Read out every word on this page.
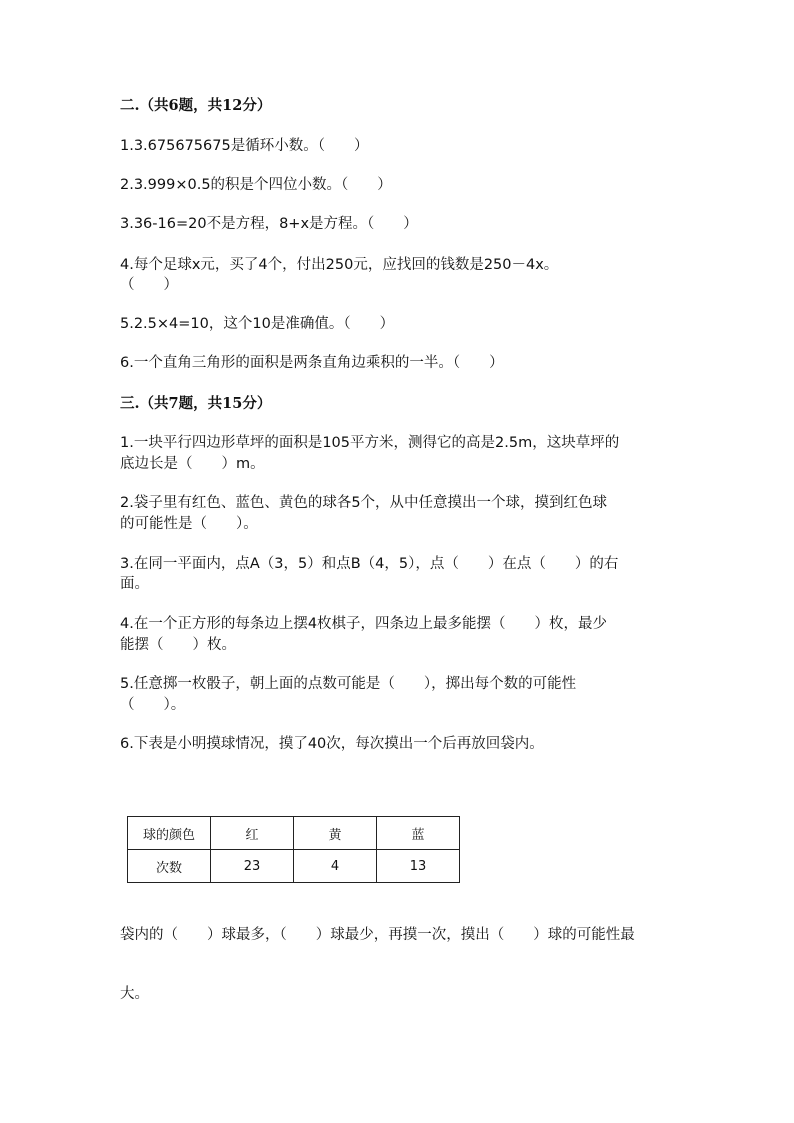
二.（共6题，共12分）
1.3.675675675是循环小数。（　　）
2.3.999×0.5的积是个四位小数。（　　）
3.36-16=20不是方程，8+x是方程。（　　）
4.每个足球x元，买了4个，付出250元，应找回的钱数是250－4x。
（　　）
5.2.5×4=10，这个10是准确值。（　　）
6.一个直角三角形的面积是两条直角边乘积的一半。（　　）
三.（共7题，共15分）
1.一块平行四边形草坪的面积是105平方米，测得它的高是2.5m，这块草坪的
底边长是（　　）m。
2.袋子里有红色、蓝色、黄色的球各5个，从中任意摸出一个球，摸到红色球
的可能性是（　　）。
3.在同一平面内，点A（3，5）和点B（4，5），点（　　）在点（　　）的右
面。
4.在一个正方形的每条边上摆4枚棋子，四条边上最多能摆（　　）枚，最少
能摆（　　）枚。
5.任意掷一枚骰子，朝上面的点数可能是（　　），掷出每个数的可能性
（　　）。
6.下表是小明摸球情况，摸了40次，每次摸出一个后再放回袋内。
球的颜色	红	黄	蓝
次数	23	4	13
袋内的（　　）球最多，（　　）球最少，再摸一次，摸出（　　）球的可能性最
大。
